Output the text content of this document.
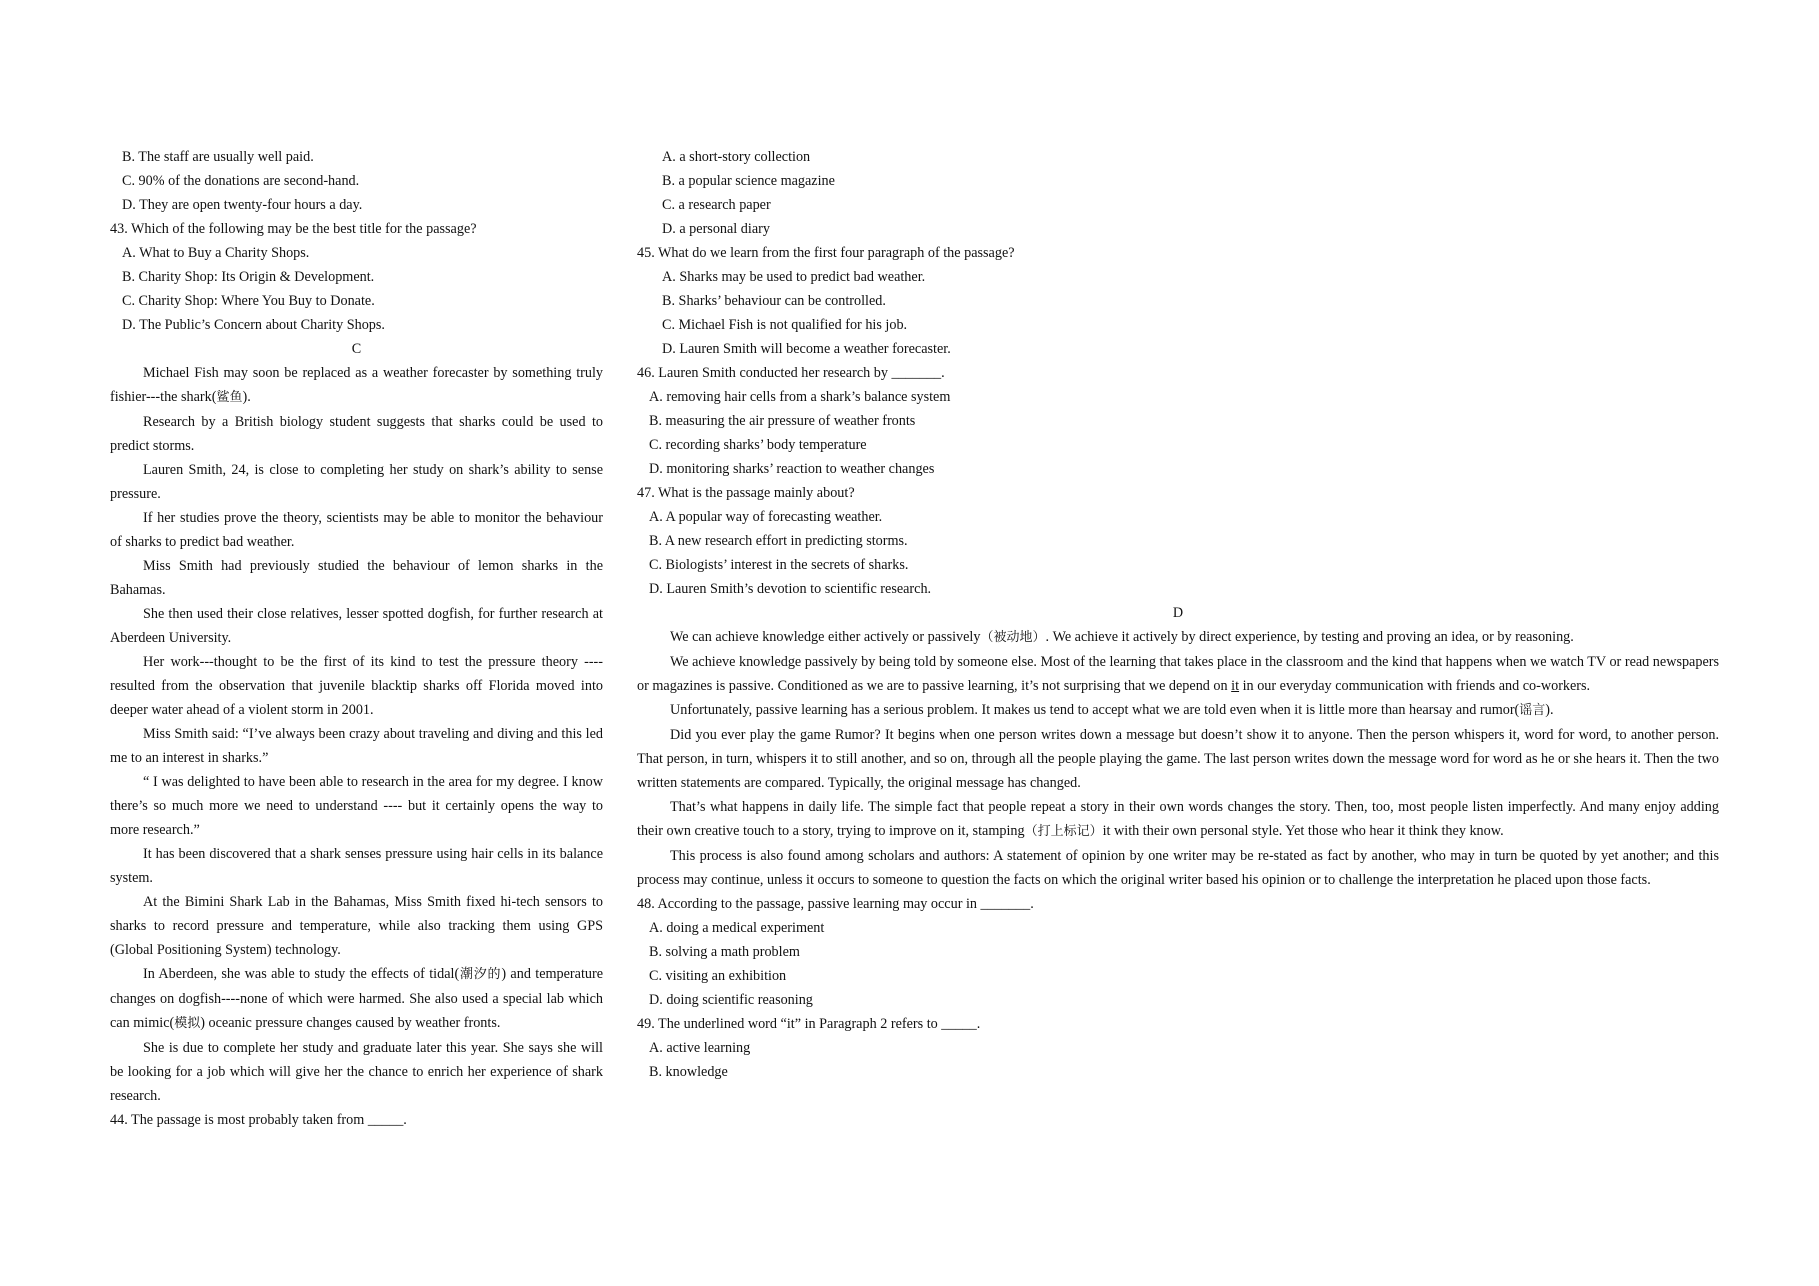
B. The staff are usually well paid.
C. 90% of the donations are second-hand.
D. They are open twenty-four hours a day.
43. Which of the following may be the best title for the passage?
A. What to Buy a Charity Shops.
B. Charity Shop: Its Origin & Development.
C. Charity Shop: Where You Buy to Donate.
D. The Public’s Concern about Charity Shops.
C
Michael Fish may soon be replaced as a weather forecaster by something truly fishier---the shark(鲨鱼).
Research by a British biology student suggests that sharks could be used to predict storms.
Lauren Smith, 24, is close to completing her study on shark’s ability to sense pressure.
If her studies prove the theory, scientists may be able to monitor the behaviour of sharks to predict bad weather.
Miss Smith had previously studied the behaviour of lemon sharks in the Bahamas.
She then used their close relatives, lesser spotted dogfish, for further research at Aberdeen University.
Her work---thought to be the first of its kind to test the pressure theory ---- resulted from the observation that juvenile blacktip sharks off Florida moved into deeper water ahead of a violent storm in 2001.
Miss Smith said: “I’ve always been crazy about traveling and diving and this led me to an interest in sharks.”
“ I was delighted to have been able to research in the area for my degree. I know there’s so much more we need to understand ---- but it certainly opens the way to more research.”
It has been discovered that a shark senses pressure using hair cells in its balance system.
At the Bimini Shark Lab in the Bahamas, Miss Smith fixed hi-tech sensors to sharks to record pressure and temperature, while also tracking them using GPS (Global Positioning System) technology.
In Aberdeen, she was able to study the effects of tidal(潮汐的) and temperature changes on dogfish----none of which were harmed. She also used a special lab which can mimic(模拟) oceanic pressure changes caused by weather fronts.
She is due to complete her study and graduate later this year. She says she will be looking for a job which will give her the chance to enrich her experience of shark research.
44. The passage is most probably taken from _____.
A. a short-story collection
B. a popular science magazine
C. a research paper
D. a personal diary
45. What do we learn from the first four paragraph of the passage?
A. Sharks may be used to predict bad weather.
B. Sharks’ behaviour can be controlled.
C. Michael Fish is not qualified for his job.
D. Lauren Smith will become a weather forecaster.
46. Lauren Smith conducted her research by _______.
A. removing hair cells from a shark’s balance system
B. measuring the air pressure of weather fronts
C. recording sharks’ body temperature
D. monitoring sharks’ reaction to weather changes
47. What is the passage mainly about?
A. A popular way of forecasting weather.
B. A new research effort in predicting storms.
C. Biologists’ interest in the secrets of sharks.
D. Lauren Smith’s devotion to scientific research.
D
We can achieve knowledge either actively or passively（被动地）. We achieve it actively by direct experience, by testing and proving an idea, or by reasoning.
We achieve knowledge passively by being told by someone else. Most of the learning that takes place in the classroom and the kind that happens when we watch TV or read newspapers or magazines is passive. Conditioned as we are to passive learning, it’s not surprising that we depend on it in our everyday communication with friends and co-workers.
Unfortunately, passive learning has a serious problem. It makes us tend to accept what we are told even when it is little more than hearsay and rumor(谣言).
Did you ever play the game Rumor? It begins when one person writes down a message but doesn’t show it to anyone. Then the person whispers it, word for word, to another person. That person, in turn, whispers it to still another, and so on, through all the people playing the game. The last person writes down the message word for word as he or she hears it. Then the two written statements are compared. Typically, the original message has changed.
That’s what happens in daily life. The simple fact that people repeat a story in their own words changes the story. Then, too, most people listen imperfectly. And many enjoy adding their own creative touch to a story, trying to improve on it, stamping（打上标记）it with their own personal style. Yet those who hear it think they know.
This process is also found among scholars and authors: A statement of opinion by one writer may be re-stated as fact by another, who may in turn be quoted by yet another; and this process may continue, unless it occurs to someone to question the facts on which the original writer based his opinion or to challenge the interpretation he placed upon those facts.
48. According to the passage, passive learning may occur in _______.
A. doing a medical experiment
B. solving a math problem
C. visiting an exhibition
D. doing scientific reasoning
49. The underlined word “it” in Paragraph 2 refers to _____.
A. active learning
B. knowledge
